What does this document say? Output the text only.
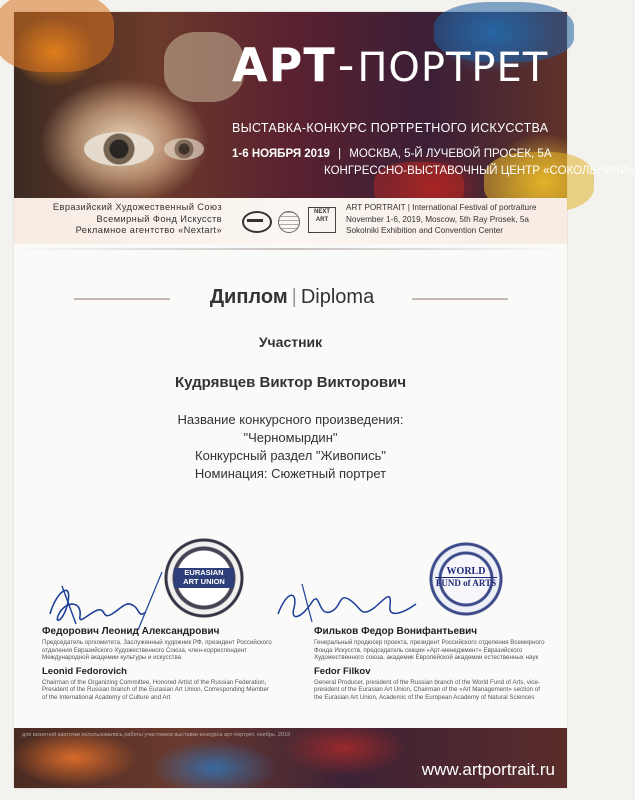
АРТ-ПОРТРЕТ
ВЫСТАВКА-КОНКУРС ПОРТРЕТНОГО ИСКУССТВА
1-6 НОЯБРЯ 2019 | МОСКВА, 5-Й ЛУЧЕВОЙ ПРОСЕК, 5А
КОНГРЕССНО-ВЫСТАВОЧНЫЙ ЦЕНТР «СОКОЛЬНИКИ»
Евразийский Художественный Союз
Всемирный Фонд Искусств
Рекламное агентство «Nextart»
NEXT ART
ART PORTRAIT | International Festival of portraiture
November 1-6, 2019, Moscow, 5th Ray Prosek, 5a
Sokolniki Exhibition and Convention Center
Диплом | Diploma
Участник
Кудрявцев Виктор Викторович
Название конкурсного произведения:
"Черномырдин"
Конкурсный раздел "Живопись"
Номинация: Сюжетный портрет
EURASIAN
ART UNION
WORLD
FUND of ARTS
Федорович Леонид Александрович
Председатель оргкомитета, Заслуженный художник РФ, президент Российского отделения Евразийского Художественного Союза, член-корреспондент Международной академии культуры и искусства
Leonid Fedorovich
Chairman of the Organizing Committee, Honored Artist of the Russian Federation, President of the Russian branch of the Eurasian Art Union, Corresponding Member of the International Academy of Culture and Art
Фильков Федор Вонифантьевич
Генеральный продюсер проекта, президент Российского отделения Всемирного Фонда Искусств, председатель секции «Арт-менеджмент» Евразийского Художественного союза, академик Европейской академии естественных наук
Fedor Filkov
General Producer, president of the Russian branch of the World Fund of Arts, vice-president of the Eurasian Art Union, Chairman of the «Art Management» section of the Eurasian Art Union, Academic of the European Academy of Natural Sciences
для визитной карточки использовались работы участников выставки-конкурса арт-портрет, ноябрь, 2019
www.artportrait.ru
